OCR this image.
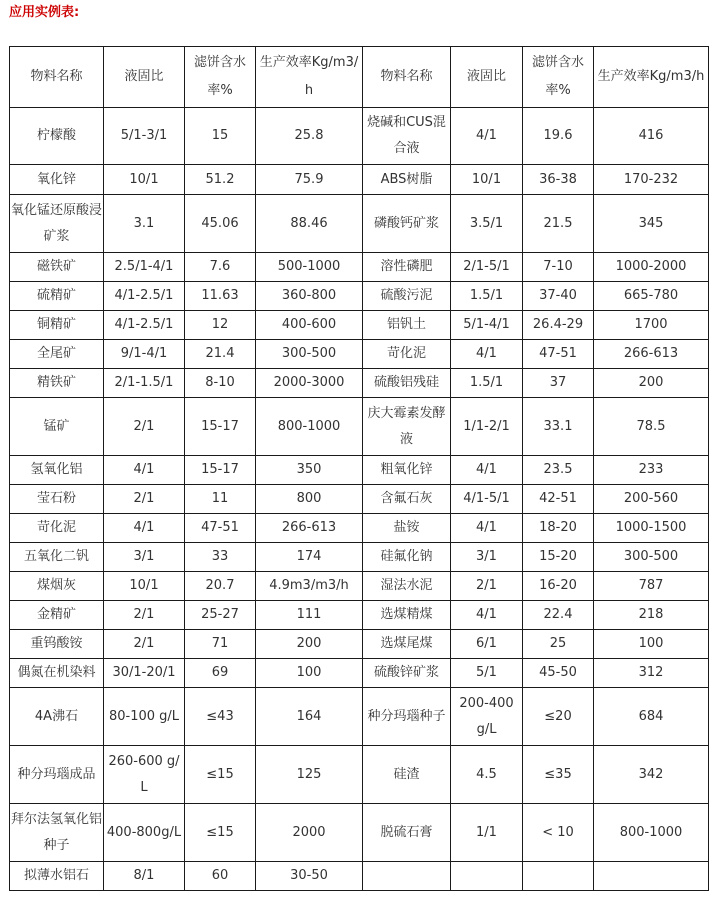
应用实例表:

物料名称	液固比	滤饼含水率%	生产效率Kg/m3/h	物料名称	液固比	滤饼含水率%	生产效率Kg/m3/h
柠檬酸	5/1-3/1	15	25.8	烧碱和CUS混合液	4/1	19.6	416
氧化锌	10/1	51.2	75.9	ABS树脂	10/1	36-38	170-232
氧化锰还原酸浸矿浆	3.1	45.06	88.46	磷酸钙矿浆	3.5/1	21.5	345
磁铁矿	2.5/1-4/1	7.6	500-1000	溶性磷肥	2/1-5/1	7-10	1000-2000
硫精矿	4/1-2.5/1	11.63	360-800	硫酸污泥	1.5/1	37-40	665-780
铜精矿	4/1-2.5/1	12	400-600	铝钒土	5/1-4/1	26.4-29	1700
全尾矿	9/1-4/1	21.4	300-500	苛化泥	4/1	47-51	266-613
精铁矿	2/1-1.5/1	8-10	2000-3000	硫酸铝残硅	1.5/1	37	200
锰矿	2/1	15-17	800-1000	庆大霉素发酵液	1/1-2/1	33.1	78.5
氢氧化铝	4/1	15-17	350	粗氧化锌	4/1	23.5	233
莹石粉	2/1	11	800	含氟石灰	4/1-5/1	42-51	200-560
苛化泥	4/1	47-51	266-613	盐铵	4/1	18-20	1000-1500
五氧化二钒	3/1	33	174	硅氟化钠	3/1	15-20	300-500
煤烟灰	10/1	20.7	4.9m3/m3/h	湿法水泥	2/1	16-20	787
金精矿	2/1	25-27	111	选煤精煤	4/1	22.4	218
重钨酸铵	2/1	71	200	选煤尾煤	6/1	25	100
偶氮在机染料	30/1-20/1	69	100	硫酸锌矿浆	5/1	45-50	312
4A沸石	80-100 g/L	≤43	164	种分玛瑙种子	200-400 g/L	≤20	684
种分玛瑙成品	260-600 g/L	≤15	125	硅渣	4.5	≤35	342
拜尔法氢氧化铝种子	400-800g/L	≤15	2000	脱硫石膏	1/1	< 10	800-1000
拟薄水铝石	8/1	60	30-50				
